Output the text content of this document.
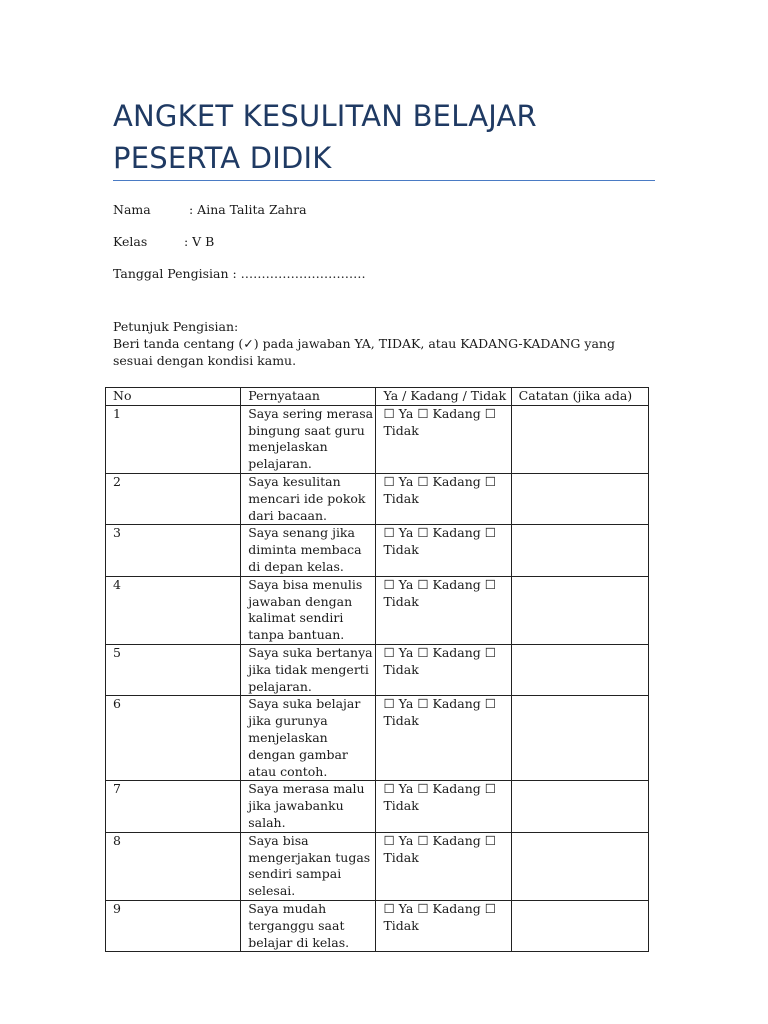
ANGKET KESULITAN BELAJAR PESERTA DIDIK
Nama	: Aina Talita Zahra
Kelas	: V B
Tanggal Pengisian : …………………………

Petunjuk Pengisian:

Beri tanda centang (✓) pada jawaban YA, TIDAK, atau KADANG-KADANG yang sesuai dengan kondisi kamu.

No	Pernyataan	Ya / Kadang / Tidak	Catatan (jika ada)
1	Saya sering merasa bingung saat guru menjelaskan pelajaran.	☐ Ya ☐ Kadang ☐
Tidak	

2	Saya kesulitan mencari ide pokok dari bacaan.	☐ Ya ☐ Kadang ☐
Tidak	

3	Saya senang jika diminta membaca di depan kelas.	☐ Ya ☐ Kadang ☐
Tidak	

4	Saya bisa menulis jawaban dengan kalimat sendiri tanpa bantuan.	☐ Ya ☐ Kadang ☐
Tidak	

5	Saya suka bertanya jika tidak mengerti pelajaran.	☐ Ya ☐ Kadang ☐
Tidak	

6	Saya suka belajar jika gurunya menjelaskan dengan gambar atau contoh.	☐ Ya ☐ Kadang ☐
Tidak	

7	Saya merasa malu jika jawabanku salah.	☐ Ya ☐ Kadang ☐
Tidak	

8	Saya bisa mengerjakan tugas sendiri sampai selesai.	☐ Ya ☐ Kadang ☐
Tidak	

9	Saya mudah terganggu saat belajar di kelas.	☐ Ya ☐ Kadang ☐
Tidak	
